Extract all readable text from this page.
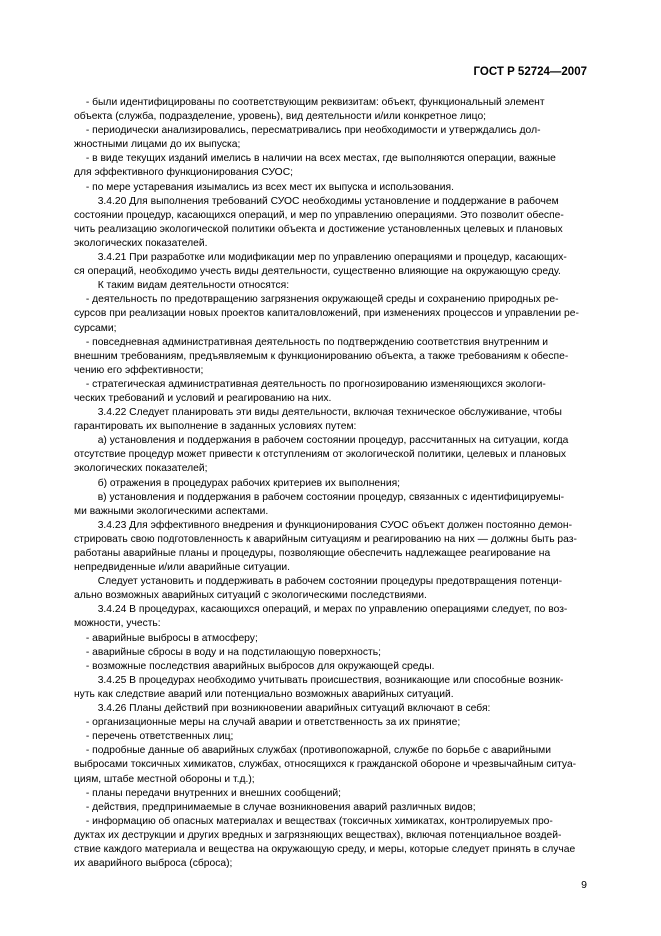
ГОСТ Р 52724—2007

- были идентифицированы по соответствующим реквизитам: объект, функциональный элемент
объекта (служба, подразделение, уровень), вид деятельности и/или конкретное лицо;

- периодически анализировались, пересматривались при необходимости и утверждались дол-
жностными лицами до их выпуска;

- в виде текущих изданий имелись в наличии на всех местах, где выполняются операции, важные
для эффективного функционирования СУОС;

- по мере устаревания изымались из всех мест их выпуска и использования.

3.4.20 Для выполнения требований СУОС необходимы установление и поддержание в рабочем
состоянии процедур, касающихся операций, и мер по управлению операциями. Это позволит обеспе-
чить реализацию экологической политики объекта и достижение установленных целевых и плановых
экологических показателей.

3.4.21 При разработке или модификации мер по управлению операциями и процедур, касающих-
ся операций, необходимо учесть виды деятельности, существенно влияющие на окружающую среду.

К таким видам деятельности относятся:

- деятельность по предотвращению загрязнения окружающей среды и сохранению природных ре-
сурсов при реализации новых проектов капиталовложений, при изменениях процессов и управлении ре-
сурсами;

- повседневная административная деятельность по подтверждению соответствия внутренним и
внешним требованиям, предъявляемым к функционированию объекта, а также требованиям к обеспе-
чению его эффективности;

- стратегическая административная деятельность по прогнозированию изменяющихся экологи-
ческих требований и условий и реагированию на них.

3.4.22 Следует планировать эти виды деятельности, включая техническое обслуживание, чтобы
гарантировать их выполнение в заданных условиях путем:

а) установления и поддержания в рабочем состоянии процедур, рассчитанных на ситуации, когда
отсутствие процедур может привести к отступлениям от экологической политики, целевых и плановых
экологических показателей;

б) отражения в процедурах рабочих критериев их выполнения;

в) установления и поддержания в рабочем состоянии процедур, связанных с идентифицируемы-
ми важными экологическими аспектами.

3.4.23 Для эффективного внедрения и функционирования СУОС объект должен постоянно демон-
стрировать свою подготовленность к аварийным ситуациям и реагированию на них — должны быть раз-
работаны аварийные планы и процедуры, позволяющие обеспечить надлежащее реагирование на
непредвиденные и/или аварийные ситуации.

Следует установить и поддерживать в рабочем состоянии процедуры предотвращения потенци-
ально возможных аварийных ситуаций с экологическими последствиями.

3.4.24 В процедурах, касающихся операций, и мерах по управлению операциями следует, по воз-
можности, учесть:

- аварийные выбросы в атмосферу;

- аварийные сбросы в воду и на подстилающую поверхность;

- возможные последствия аварийных выбросов для окружающей среды.

3.4.25 В процедурах необходимо учитывать происшествия, возникающие или способные возник-
нуть как следствие аварий или потенциально возможных аварийных ситуаций.

3.4.26 Планы действий при возникновении аварийных ситуаций включают в себя:

- организационные меры на случай аварии и ответственность за их принятие;

- перечень ответственных лиц;

- подробные данные об аварийных службах (противопожарной, службе по борьбе с аварийными
выбросами токсичных химикатов, службах, относящихся к гражданской обороне и чрезвычайным ситуа-
циям, штабе местной обороны и т.д.);

- планы передачи внутренних и внешних сообщений;

- действия, предпринимаемые в случае возникновения аварий различных видов;

- информацию об опасных материалах и веществах (токсичных химикатах, контролируемых про-
дуктах их деструкции и других вредных и загрязняющих веществах), включая потенциальное воздей-
ствие каждого материала и вещества на окружающую среду, и меры, которые следует принять в случае
их аварийного выброса (сброса);

9
